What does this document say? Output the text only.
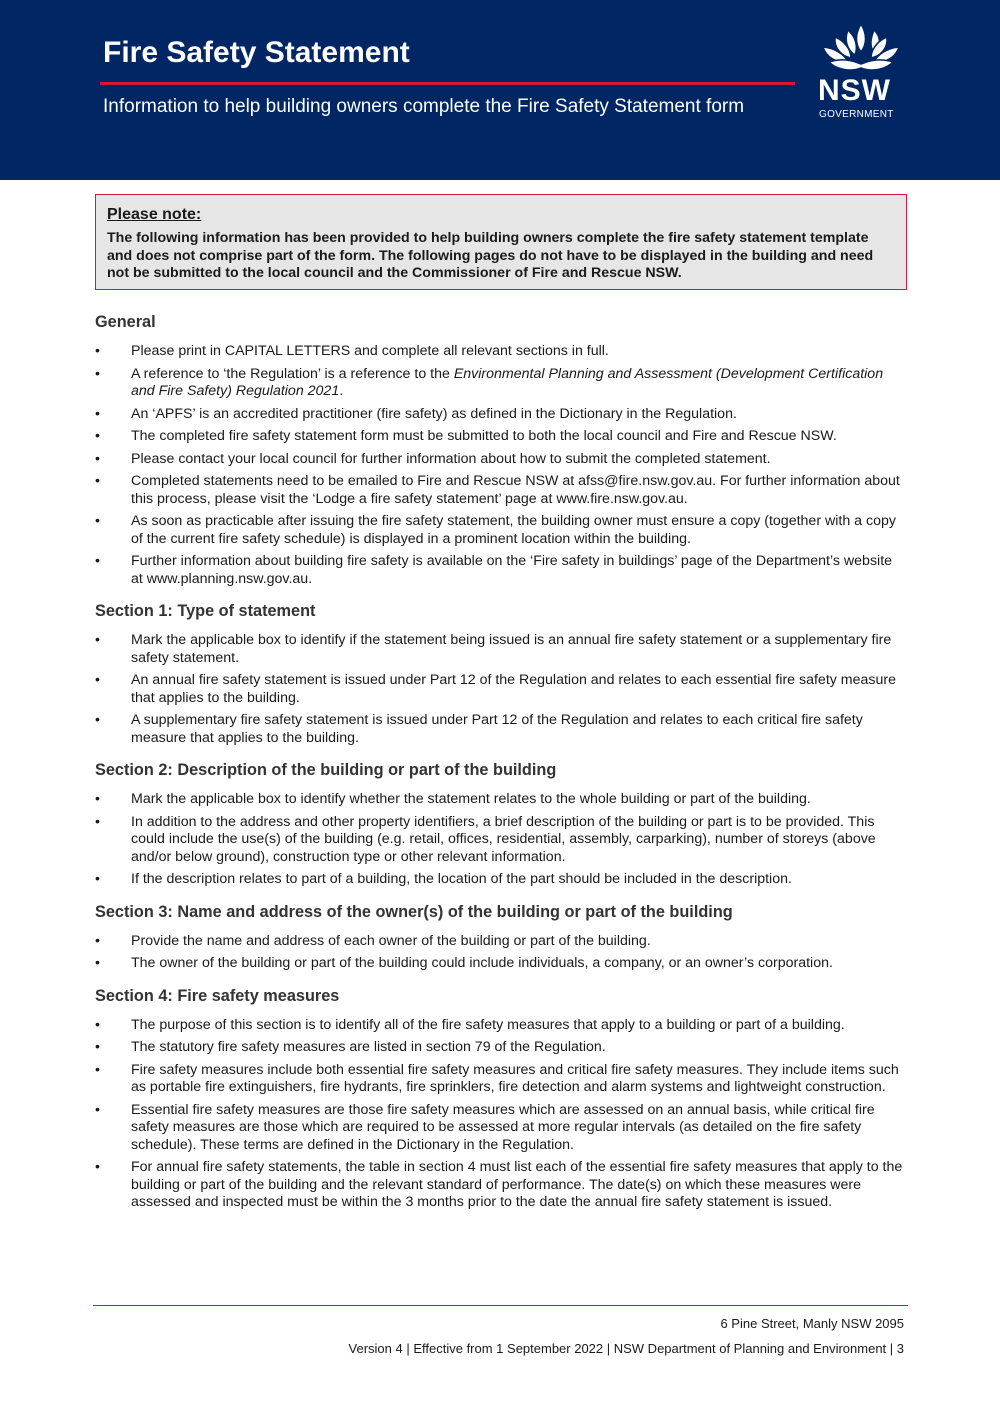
Fire Safety Statement
Information to help building owners complete the Fire Safety Statement form NSW
GOVERNMENT
Please note:
The following information has been provided to help building owners complete the fire safety statement template and does not comprise part of the form. The following pages do not have to be displayed in the building and need not be submitted to the local council and the Commissioner of Fire and Rescue NSW.
General
• Please print in CAPITAL LETTERS and complete all relevant sections in full.
• A reference to ‘the Regulation’ is a reference to the Environmental Planning and Assessment (Development Certification and Fire Safety) Regulation 2021.
• An ‘APFS’ is an accredited practitioner (fire safety) as defined in the Dictionary in the Regulation.
• The completed fire safety statement form must be submitted to both the local council and Fire and Rescue NSW.
• Please contact your local council for further information about how to submit the completed statement.
• Completed statements need to be emailed to Fire and Rescue NSW at afss@fire.nsw.gov.au. For further information about this process, please visit the ‘Lodge a fire safety statement’ page at www.fire.nsw.gov.au.
• As soon as practicable after issuing the fire safety statement, the building owner must ensure a copy (together with a copy of the current fire safety schedule) is displayed in a prominent location within the building.
• Further information about building fire safety is available on the ‘Fire safety in buildings’ page of the Department’s website at www.planning.nsw.gov.au.
Section 1: Type of statement
• Mark the applicable box to identify if the statement being issued is an annual fire safety statement or a supplementary fire safety statement.
• An annual fire safety statement is issued under Part 12 of the Regulation and relates to each essential fire safety measure that applies to the building.
• A supplementary fire safety statement is issued under Part 12 of the Regulation and relates to each critical fire safety measure that applies to the building.
Section 2: Description of the building or part of the building
• Mark the applicable box to identify whether the statement relates to the whole building or part of the building.
• In addition to the address and other property identifiers, a brief description of the building or part is to be provided. This could include the use(s) of the building (e.g. retail, offices, residential, assembly, carparking), number of storeys (above and/or below ground), construction type or other relevant information.
• If the description relates to part of a building, the location of the part should be included in the description.
Section 3: Name and address of the owner(s) of the building or part of the building
• Provide the name and address of each owner of the building or part of the building.
• The owner of the building or part of the building could include individuals, a company, or an owner’s corporation.
Section 4: Fire safety measures
• The purpose of this section is to identify all of the fire safety measures that apply to a building or part of a building.
• The statutory fire safety measures are listed in section 79 of the Regulation.
• Fire safety measures include both essential fire safety measures and critical fire safety measures. They include items such as portable fire extinguishers, fire hydrants, fire sprinklers, fire detection and alarm systems and lightweight construction.
• Essential fire safety measures are those fire safety measures which are assessed on an annual basis, while critical fire safety measures are those which are required to be assessed at more regular intervals (as detailed on the fire safety schedule). These terms are defined in the Dictionary in the Regulation.
• For annual fire safety statements, the table in section 4 must list each of the essential fire safety measures that apply to the building or part of the building and the relevant standard of performance. The date(s) on which these measures were assessed and inspected must be within the 3 months prior to the date the annual fire safety statement is issued.
6 Pine Street, Manly NSW 2095
Version 4 | Effective from 1 September 2022 | NSW Department of Planning and Environment | 3
